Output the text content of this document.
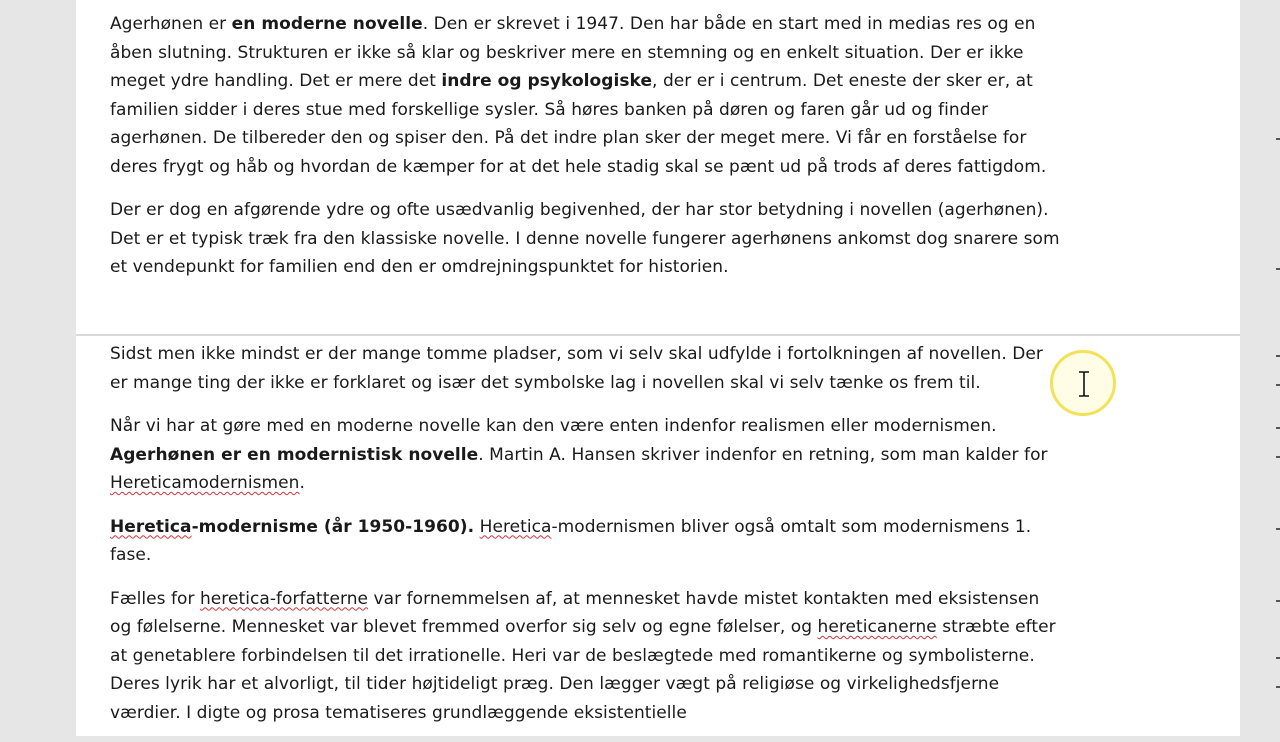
Agerhønen er en moderne novelle. Den er skrevet i 1947. Den har både en start med in medias res og en åben slutning. Strukturen er ikke så klar og beskriver mere en stemning og en enkelt situation. Der er ikke meget ydre handling. Det er mere det indre og psykologiske, der er i centrum. Det eneste der sker er, at familien sidder i deres stue med forskellige sysler. Så høres banken på døren og faren går ud og finder agerhønen. De tilbereder den og spiser den. På det indre plan sker der meget mere. Vi får en forståelse for deres frygt og håb og hvordan de kæmper for at det hele stadig skal se pænt ud på trods af deres fattigdom.

Der er dog en afgørende ydre og ofte usædvanlig begivenhed, der har stor betydning i novellen (agerhønen). Det er et typisk træk fra den klassiske novelle. I denne novelle fungerer agerhønens ankomst dog snarere som et vendepunkt for familien end den er omdrejningspunktet for historien.

Sidst men ikke mindst er der mange tomme pladser, som vi selv skal udfylde i fortolkningen af novellen. Der er mange ting der ikke er forklaret og især det symbolske lag i novellen skal vi selv tænke os frem til.

Når vi har at gøre med en moderne novelle kan den være enten indenfor realismen eller modernismen. Agerhønen er en modernistisk novelle. Martin A. Hansen skriver indenfor en retning, som man kalder for Hereticamodernismen.

Heretica-modernisme (år 1950-1960). Heretica-modernismen bliver også omtalt som modernismens 1. fase.

Fælles for heretica-forfatterne var fornemmelsen af, at mennesket havde mistet kontakten med eksistensen og følelserne. Mennesket var blevet fremmed overfor sig selv og egne følelser, og hereticanerne stræbte efter at genetablere forbindelsen til det irrationelle. Heri var de beslægtede med romantikerne og symbolisterne. Deres lyrik har et alvorligt, til tider højtideligt præg. Den lægger vægt på religiøse og virkelighedsfjerne værdier. I digte og prosa tematiseres grundlæggende eksistentielle
